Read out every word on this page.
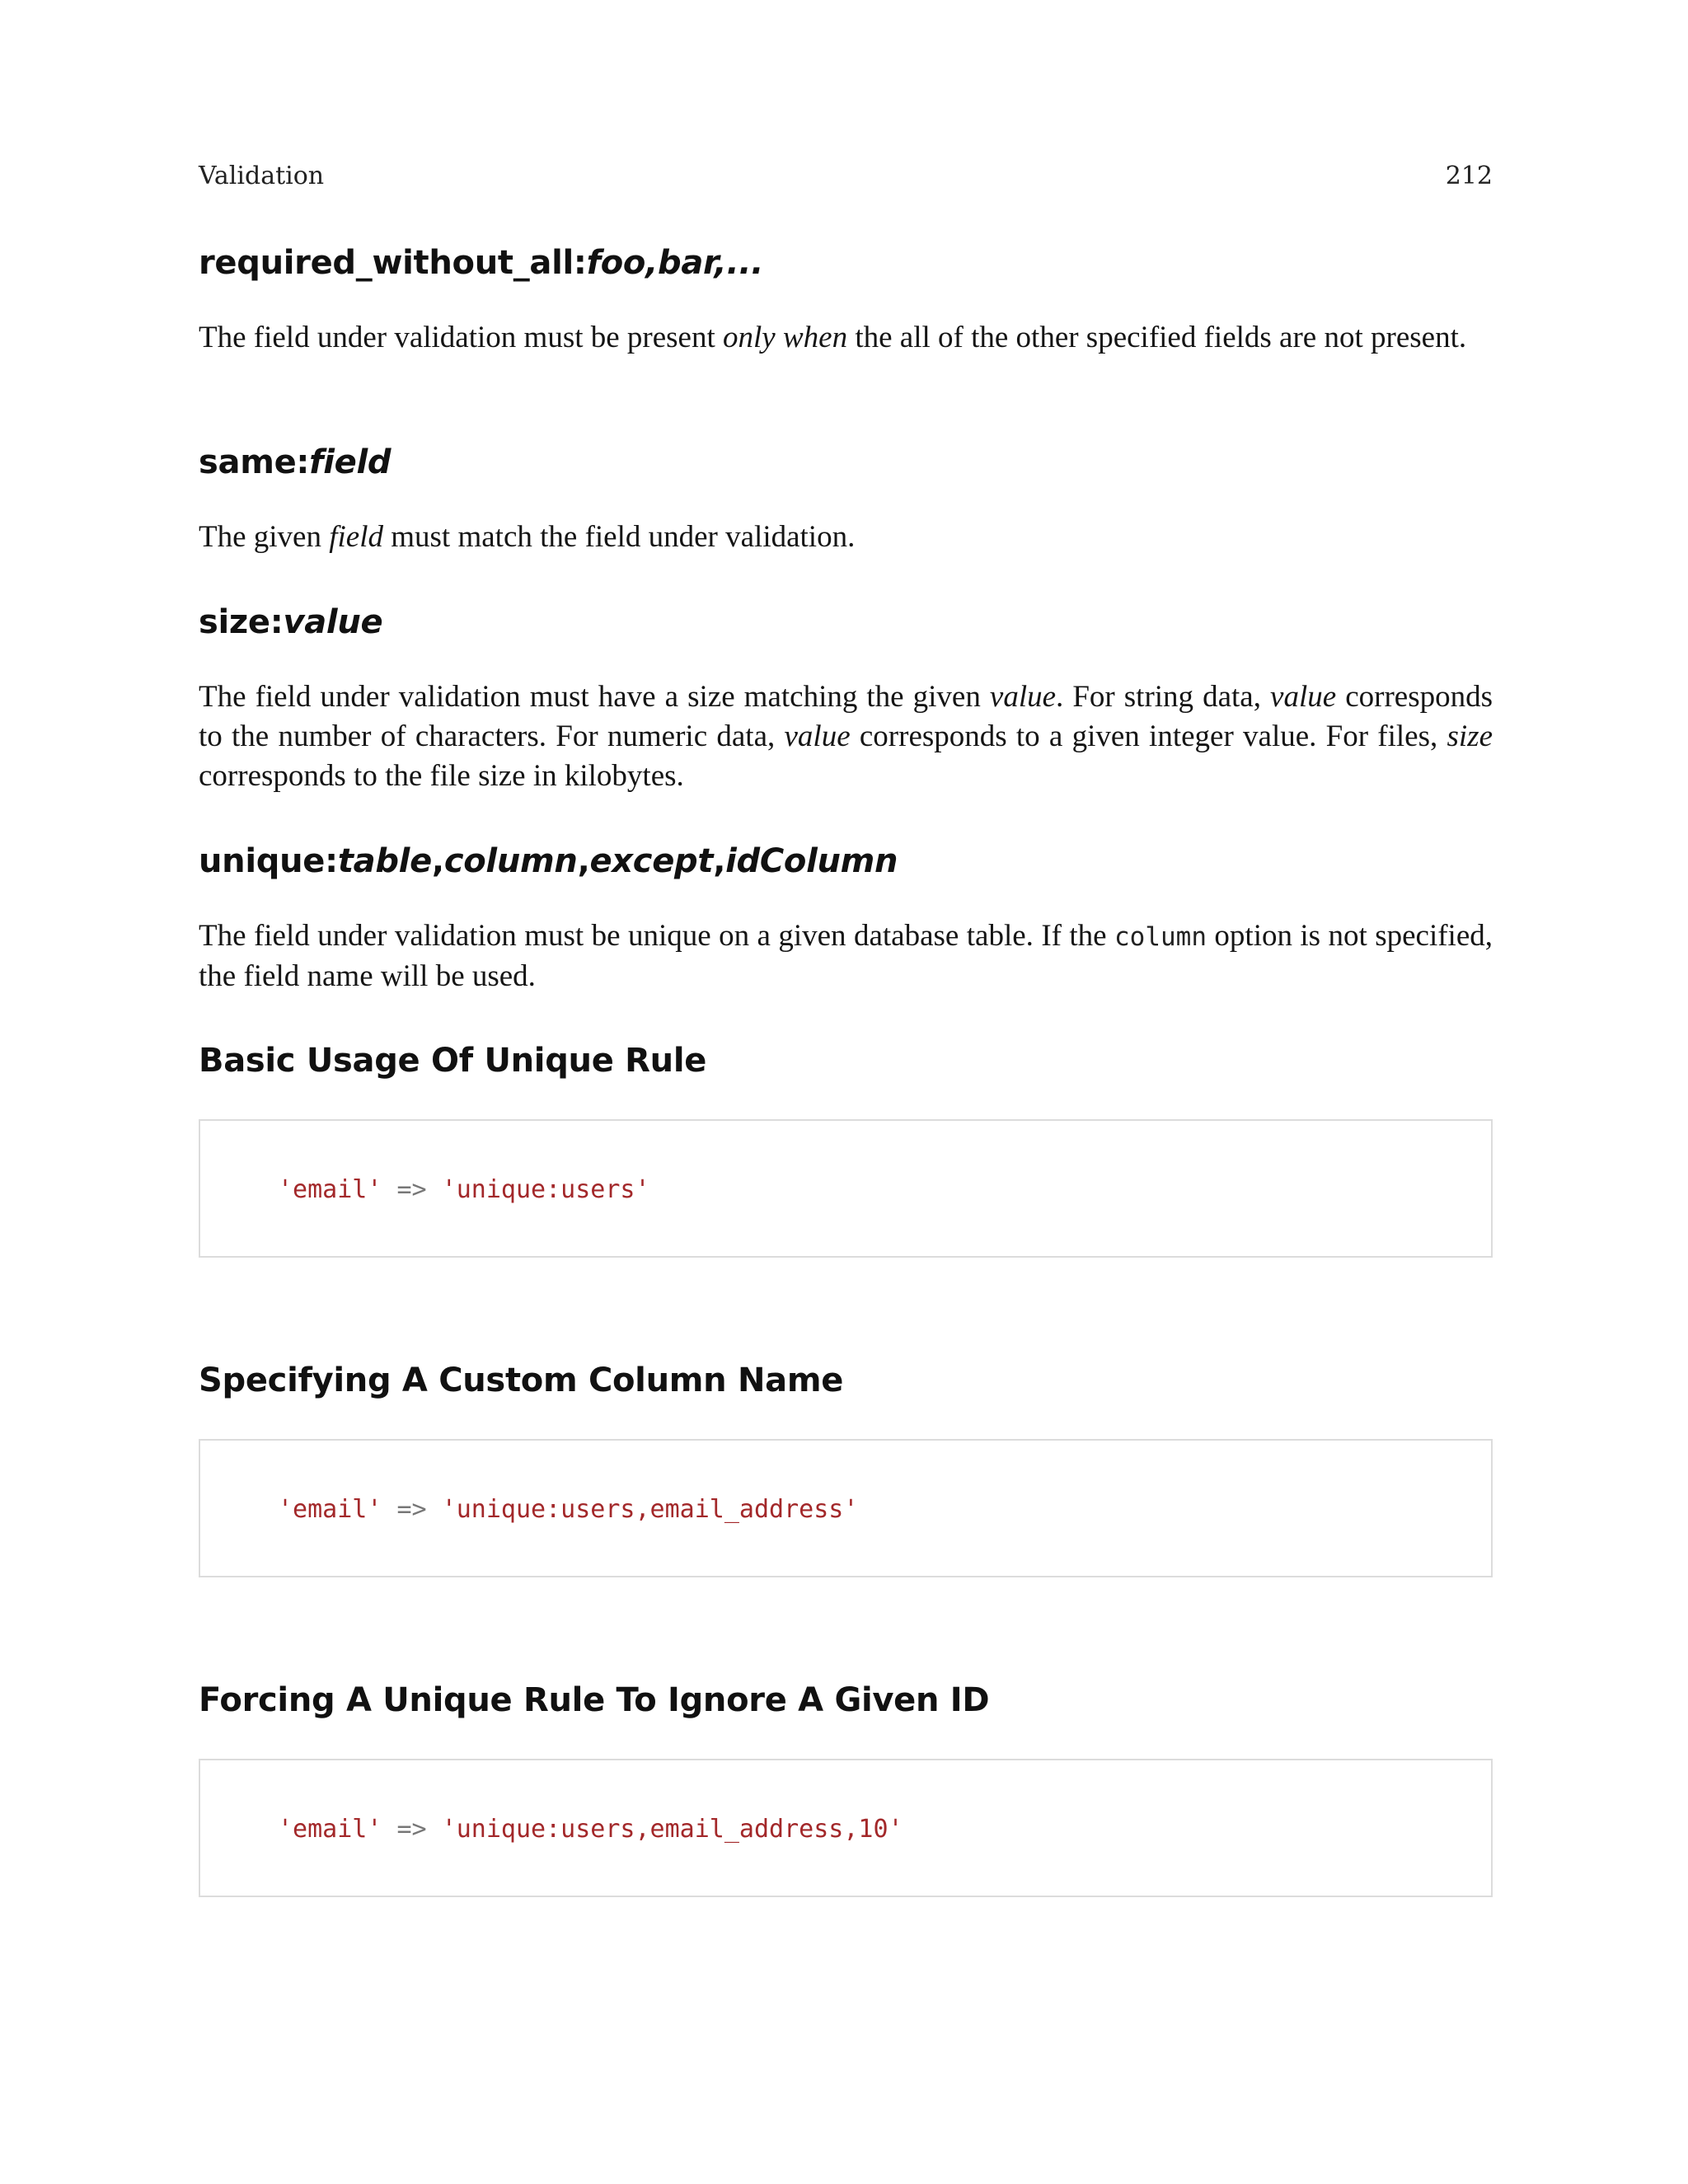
Validation	212
required_without_all:foo,bar,...
The field under validation must be present only when the all of the other specified fields are not present.
same:field
The given field must match the field under validation.
size:value
The field under validation must have a size matching the given value. For string data, value corresponds to the number of characters. For numeric data, value corresponds to a given integer value. For files, size corresponds to the file size in kilobytes.
unique:table,column,except,idColumn
The field under validation must be unique on a given database table. If the column option is not specified, the field name will be used.
Basic Usage Of Unique Rule
'email' => 'unique:users'
Specifying A Custom Column Name
'email' => 'unique:users,email_address'
Forcing A Unique Rule To Ignore A Given ID
'email' => 'unique:users,email_address,10'
